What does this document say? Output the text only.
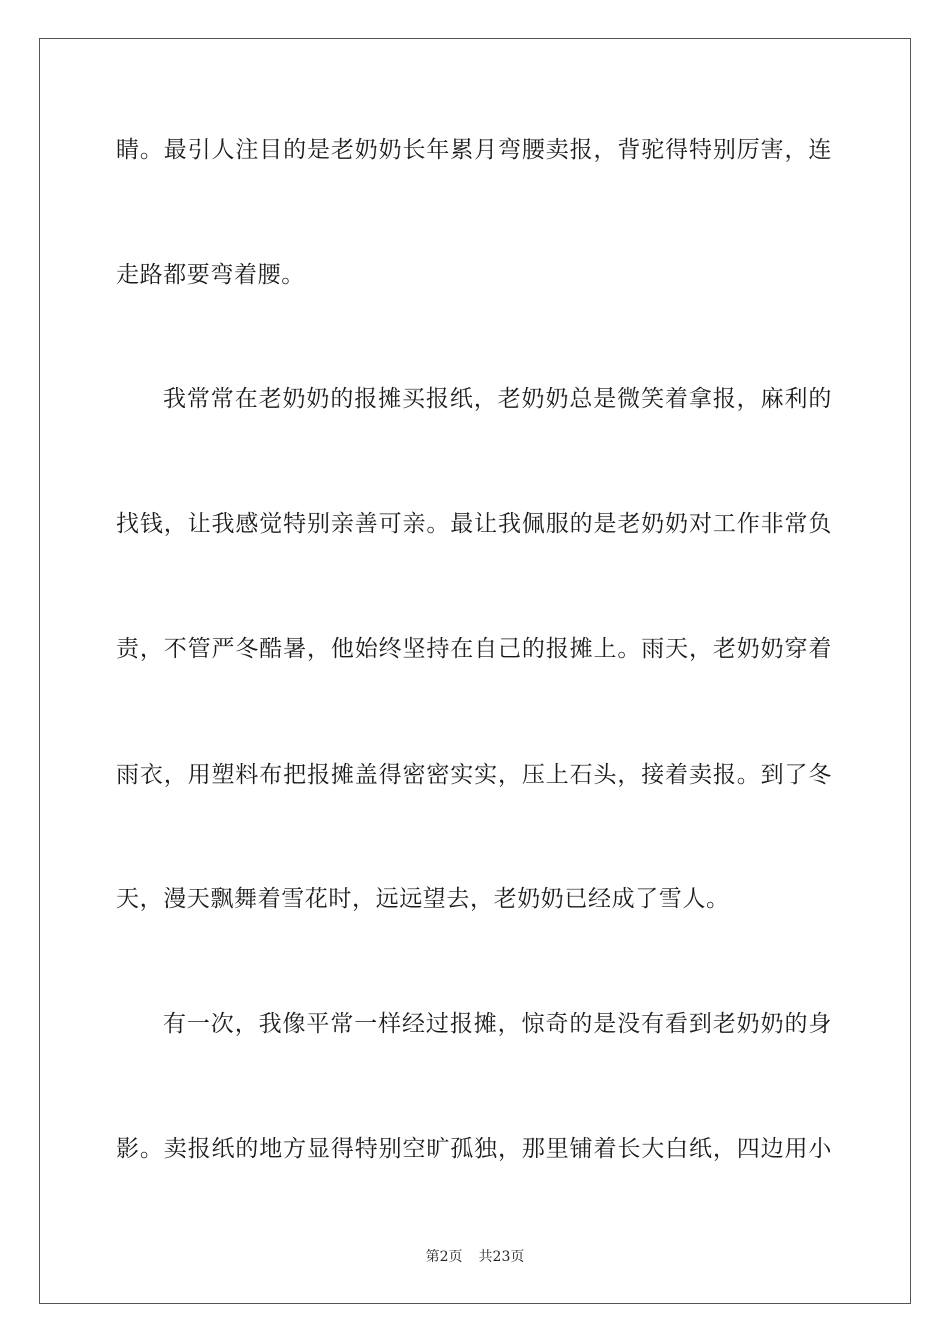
睛。最引人注目的是老奶奶长年累月弯腰卖报，背驼得特别厉害，连
走路都要弯着腰。
我常常在老奶奶的报摊买报纸，老奶奶总是微笑着拿报，麻利的
找钱，让我感觉特别亲善可亲。最让我佩服的是老奶奶对工作非常负
责，不管严冬酷暑，他始终坚持在自己的报摊上。雨天，老奶奶穿着
雨衣，用塑料布把报摊盖得密密实实，压上石头，接着卖报。到了冬
天，漫天飘舞着雪花时，远远望去，老奶奶已经成了雪人。
有一次，我像平常一样经过报摊，惊奇的是没有看到老奶奶的身
影。卖报纸的地方显得特别空旷孤独，那里铺着长大白纸，四边用小
第2页 共23页
